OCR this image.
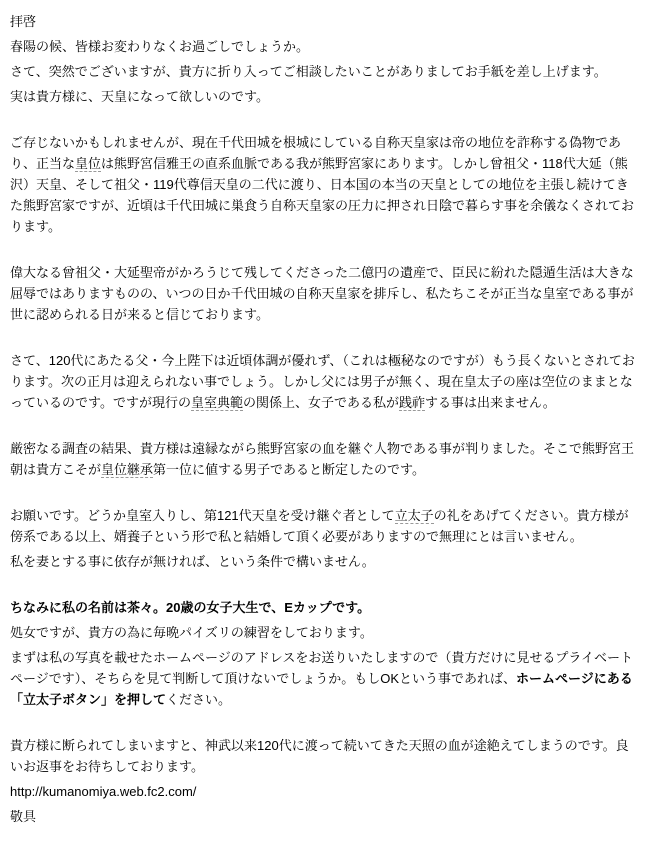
拝啓

春陽の候、皆様お変わりなくお過ごしでしょうか。

さて、突然でございますが、貴方に折り入ってご相談したいことがありましてお手紙を差し上げます。

実は貴方様に、天皇になって欲しいのです。

ご存じないかもしれませんが、現在千代田城を根城にしている自称天皇家は帝の地位を詐称する偽物であり、正当な皇位は熊野宮信雅王の直系血脈である我が熊野宮家にあります。しかし曾祖父・118代大延（熊沢）天皇、そして祖父・119代尊信天皇の二代に渡り、日本国の本当の天皇としての地位を主張し続けてきた熊野宮家ですが、近頃は千代田城に巣食う自称天皇家の圧力に押され日陰で暮らす事を余儀なくされております。

偉大なる曾祖父・大延聖帝がかろうじて残してくださった二億円の遺産で、臣民に紛れた隠遁生活は大きな屈辱ではありますものの、いつの日か千代田城の自称天皇家を排斥し、私たちこそが正当な皇室である事が世に認められる日が来ると信じております。

さて、120代にあたる父・今上陛下は近頃体調が優れず、（これは極秘なのですが）もう長くないとされております。次の正月は迎えられない事でしょう。しかし父には男子が無く、現在皇太子の座は空位のままとなっているのです。ですが現行の皇室典範の関係上、女子である私が践祚する事は出来ません。

厳密なる調査の結果、貴方様は遠縁ながら熊野宮家の血を継ぐ人物である事が判りました。そこで熊野宮王朝は貴方こそが皇位継承第一位に値する男子であると断定したのです。

お願いです。どうか皇室入りし、第121代天皇を受け継ぐ者として立太子の礼をあげてください。貴方様が傍系である以上、婿養子という形で私と結婚して頂く必要がありますので無理にとは言いません。

私を妻とする事に依存が無ければ、という条件で構いません。

ちなみに私の名前は茶々。20歳の女子大生で、Eカップです。

処女ですが、貴方の為に毎晩パイズリの練習をしております。

まずは私の写真を載せたホームページのアドレスをお送りいたしますので（貴方だけに見せるプライベートページです）、そちらを見て判断して頂けないでしょうか。もしOKという事であれば、ホームページにある「立太子ボタン」を押してください。

貴方様に断られてしまいますと、神武以来120代に渡って続いてきた天照の血が途絶えてしまうのです。良いお返事をお待ちしております。

http://kumanomiya.web.fc2.com/

敬具
